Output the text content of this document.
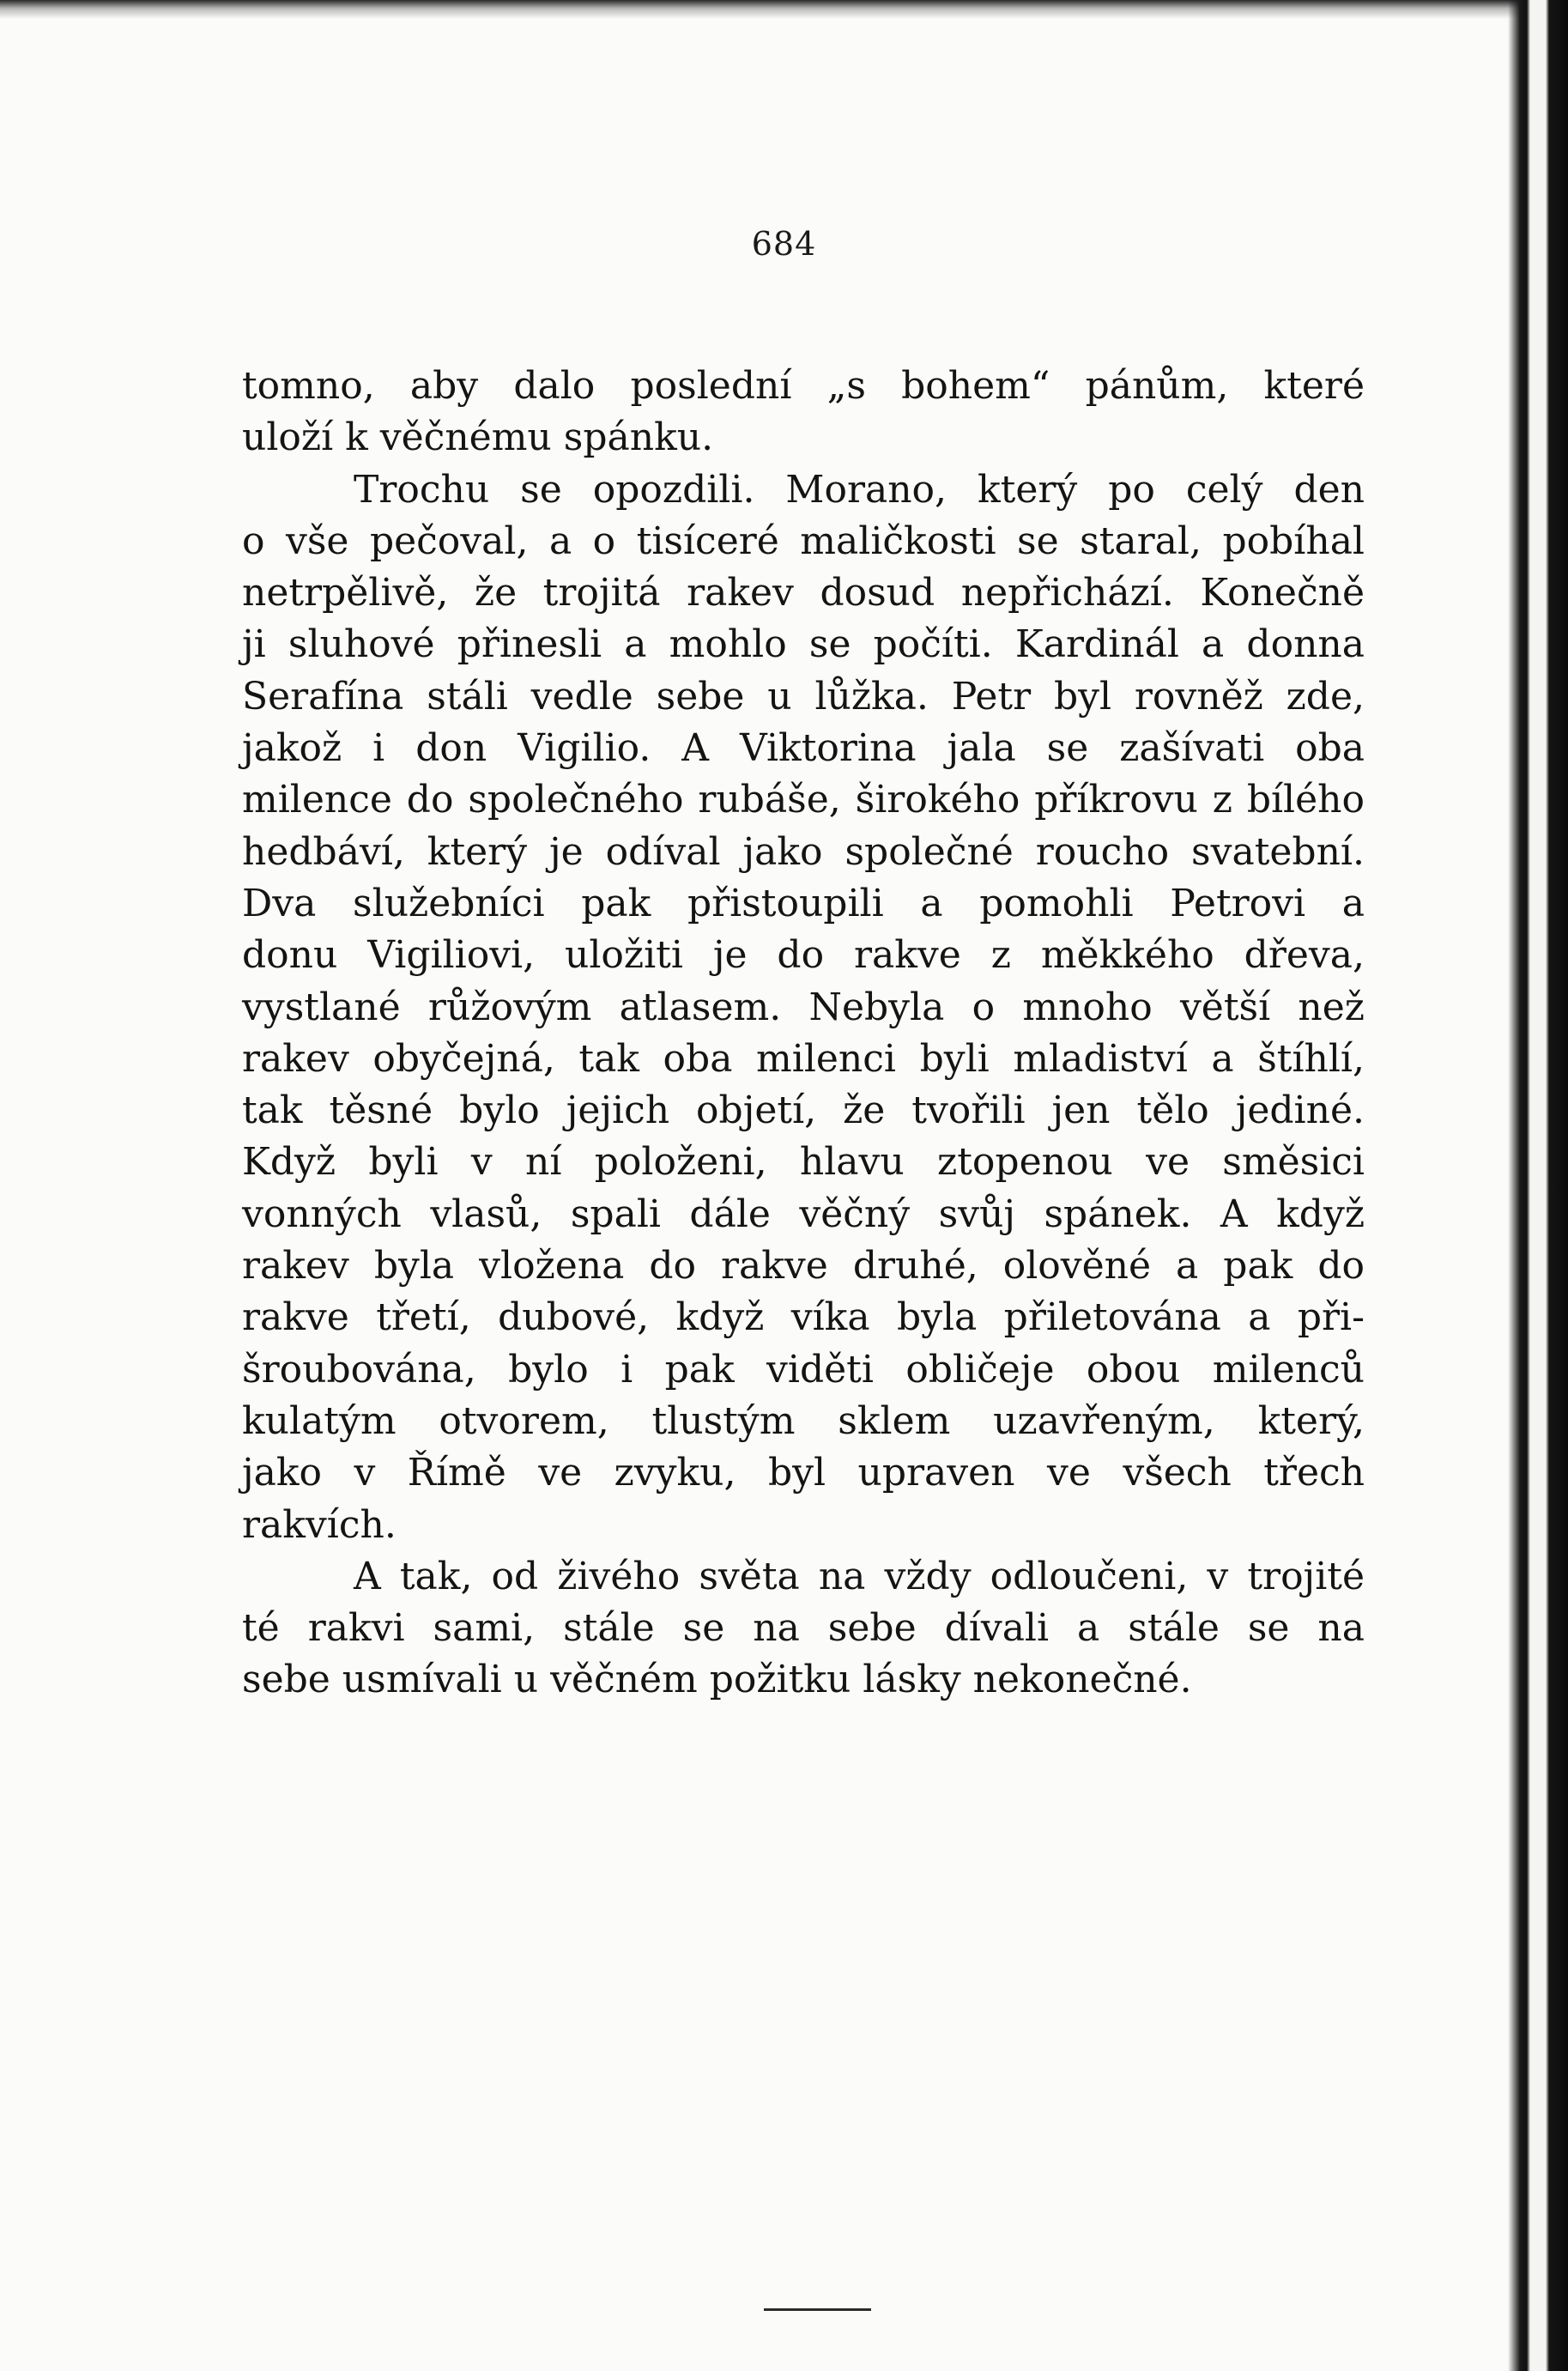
684
tomno, aby dalo poslední „s bohem“ pánům, které
uloží k věčnému spánku.
Trochu se opozdili. Morano, který po celý den
o vše pečoval, a o tisíceré maličkosti se staral, pobíhal
netrpělivě, že trojitá rakev dosud nepřichází. Konečně
ji sluhové přinesli a mohlo se počíti. Kardinál a donna
Serafína stáli vedle sebe u lůžka. Petr byl rovněž zde,
jakož i don Vigilio. A Viktorina jala se zašívati oba
milence do společného rubáše, širokého příkrovu z bílého
hedbáví, který je odíval jako společné roucho svatební.
Dva služebníci pak přistoupili a pomohli Petrovi a
donu Vigiliovi, uložiti je do rakve z měkkého dřeva,
vystlané růžovým atlasem. Nebyla o mnoho větší než
rakev obyčejná, tak oba milenci byli mladiství a štíhlí,
tak těsné bylo jejich objetí, že tvořili jen tělo jediné.
Když byli v ní položeni, hlavu ztopenou ve směsici
vonných vlasů, spali dále věčný svůj spánek. A když
rakev byla vložena do rakve druhé, olověné a pak do
rakve třetí, dubové, když víka byla přiletována a při-
šroubována, bylo i pak viděti obličeje obou milenců
kulatým otvorem, tlustým sklem uzavřeným, který,
jako v Římě ve zvyku, byl upraven ve všech třech
rakvích.
A tak, od živého světa na vždy odloučeni, v trojité
té rakvi sami, stále se na sebe dívali a stále se na
sebe usmívali u věčném požitku lásky nekonečné.
